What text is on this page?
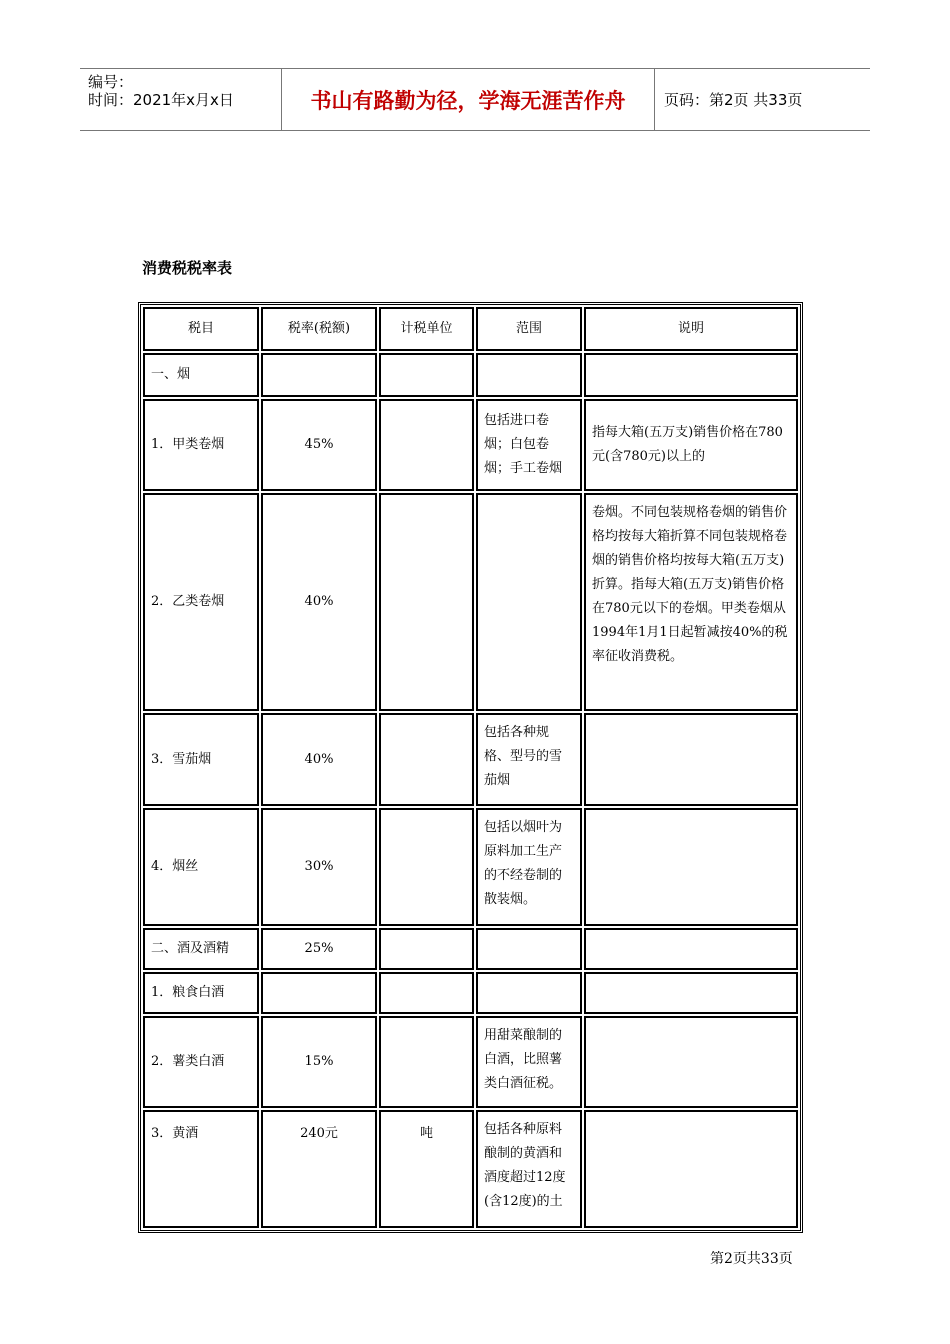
编号：
时间：2021年x月x日	书山有路勤为径，学海无涯苦作舟	页码：第2页 共33页
消费税税率表
税目	税率(税额)	计税单位	范围	说明
一、烟				
1．甲类卷烟	45%		包括进口卷烟；白包卷烟；手工卷烟	指每大箱(五万支)销售价格在780元(含780元)以上的
2．乙类卷烟	40%			卷烟。不同包装规格卷烟的销售价格均按每大箱折算不同包装规格卷烟的销售价格均按每大箱(五万支)折算。指每大箱(五万支)销售价格在780元以下的卷烟。甲类卷烟从1994年1月1日起暂减按40%的税率征收消费税。
3．雪茄烟	40%		包括各种规格、型号的雪茄烟	
4．烟丝	30%		包括以烟叶为原料加工生产的不经卷制的散装烟。	
二、酒及酒精	25%			
1．粮食白酒				
2．薯类白酒	15%		用甜菜酿制的白酒，比照薯类白酒征税。	
3．黄酒	240元	吨	包括各种原料酿制的黄酒和酒度超过12度(含12度)的土	
第2页共33页
